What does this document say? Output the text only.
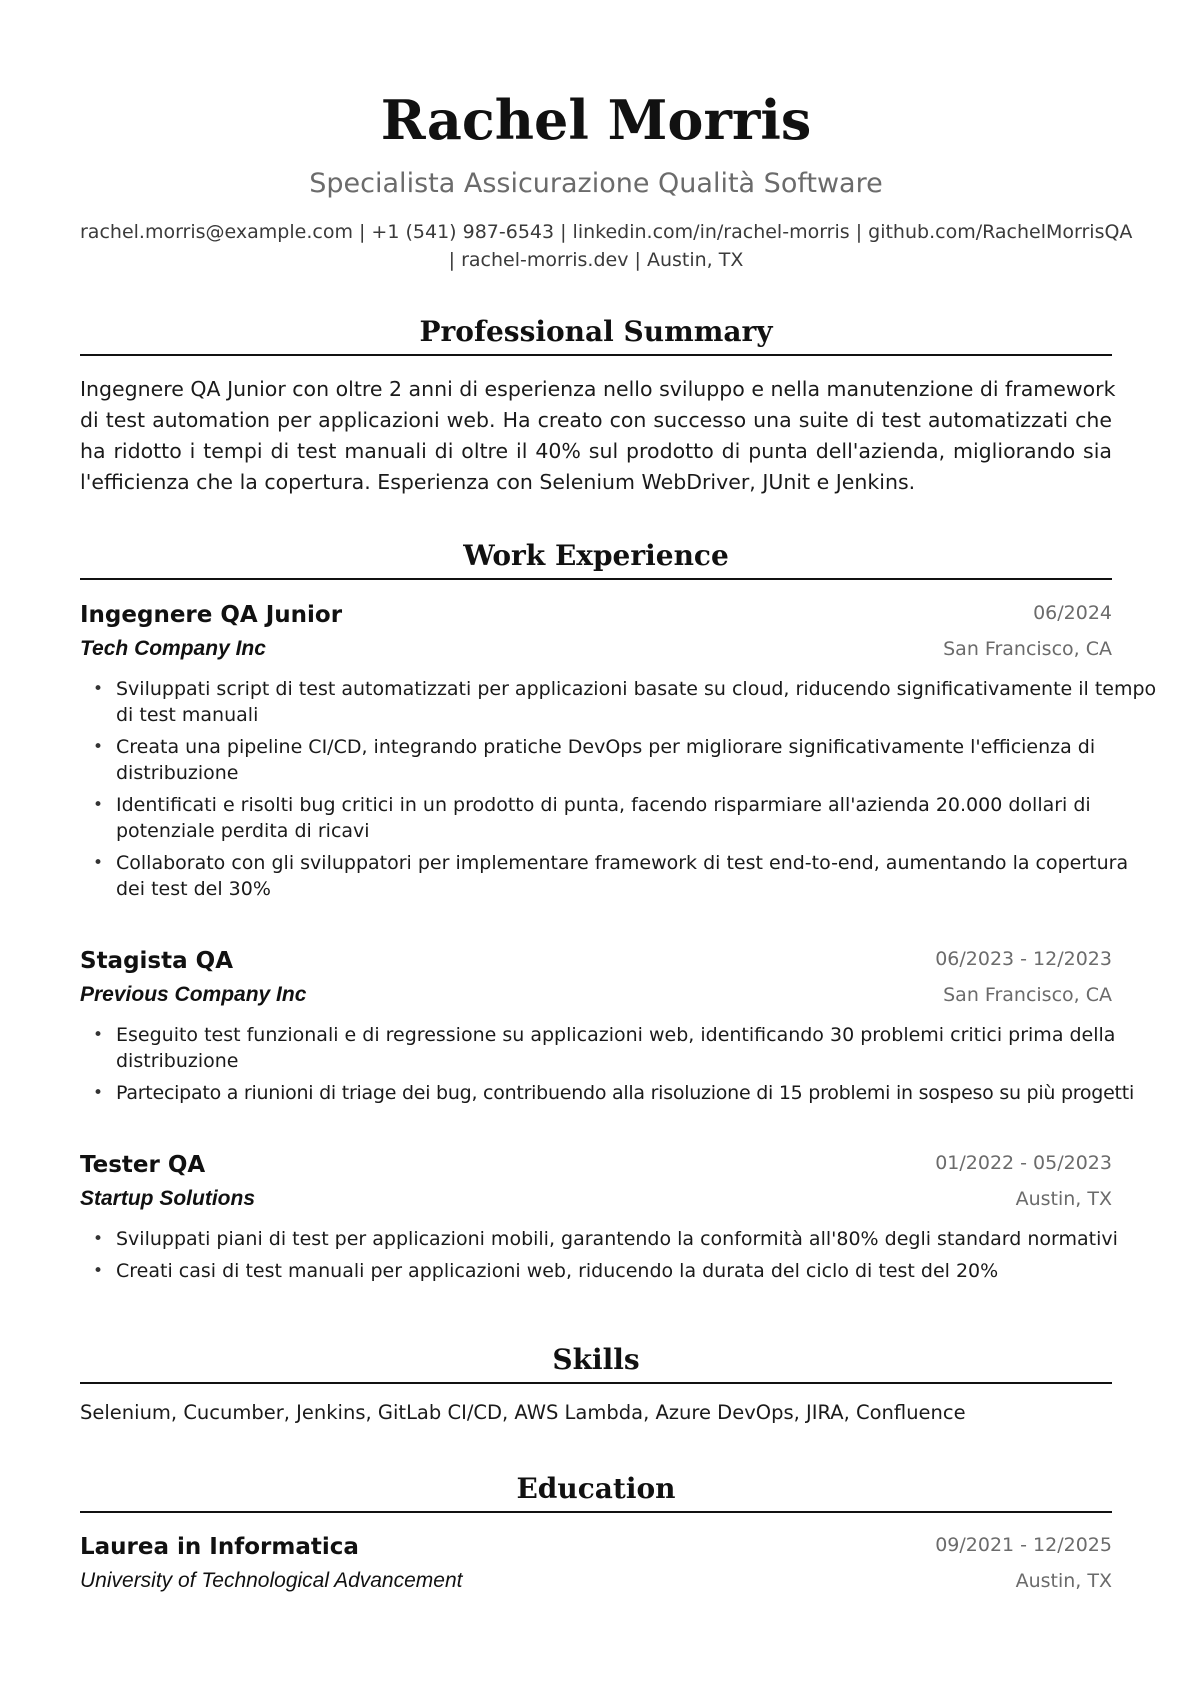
Rachel Morris
Specialista Assicurazione Qualità Software
rachel.morris@example.com | +1 (541) 987-6543 | linkedin.com/in/rachel-morris | github.com/RachelMorrisQA
| rachel-morris.dev | Austin, TX
Professional Summary
Ingegnere QA Junior con oltre 2 anni di esperienza nello sviluppo e nella manutenzione di framework
di test automation per applicazioni web. Ha creato con successo una suite di test automatizzati che
ha ridotto i tempi di test manuali di oltre il 40% sul prodotto di punta dell'azienda, migliorando sia
l'efficienza che la copertura. Esperienza con Selenium WebDriver, JUnit e Jenkins.
Work Experience
Ingegnere QA Junior	06/2024
Tech Company Inc	San Francisco, CA
• Sviluppati script di test automatizzati per applicazioni basate su cloud, riducendo significativamente il tempo
di test manuali
• Creata una pipeline CI/CD, integrando pratiche DevOps per migliorare significativamente l'efficienza di
distribuzione
• Identificati e risolti bug critici in un prodotto di punta, facendo risparmiare all'azienda 20.000 dollari di
potenziale perdita di ricavi
• Collaborato con gli sviluppatori per implementare framework di test end-to-end, aumentando la copertura
dei test del 30%
Stagista QA	06/2023 - 12/2023
Previous Company Inc	San Francisco, CA
• Eseguito test funzionali e di regressione su applicazioni web, identificando 30 problemi critici prima della
distribuzione
• Partecipato a riunioni di triage dei bug, contribuendo alla risoluzione di 15 problemi in sospeso su più progetti
Tester QA	01/2022 - 05/2023
Startup Solutions	Austin, TX
• Sviluppati piani di test per applicazioni mobili, garantendo la conformità all'80% degli standard normativi
• Creati casi di test manuali per applicazioni web, riducendo la durata del ciclo di test del 20%
Skills
Selenium, Cucumber, Jenkins, GitLab CI/CD, AWS Lambda, Azure DevOps, JIRA, Confluence
Education
Laurea in Informatica	09/2021 - 12/2025
University of Technological Advancement	Austin, TX
